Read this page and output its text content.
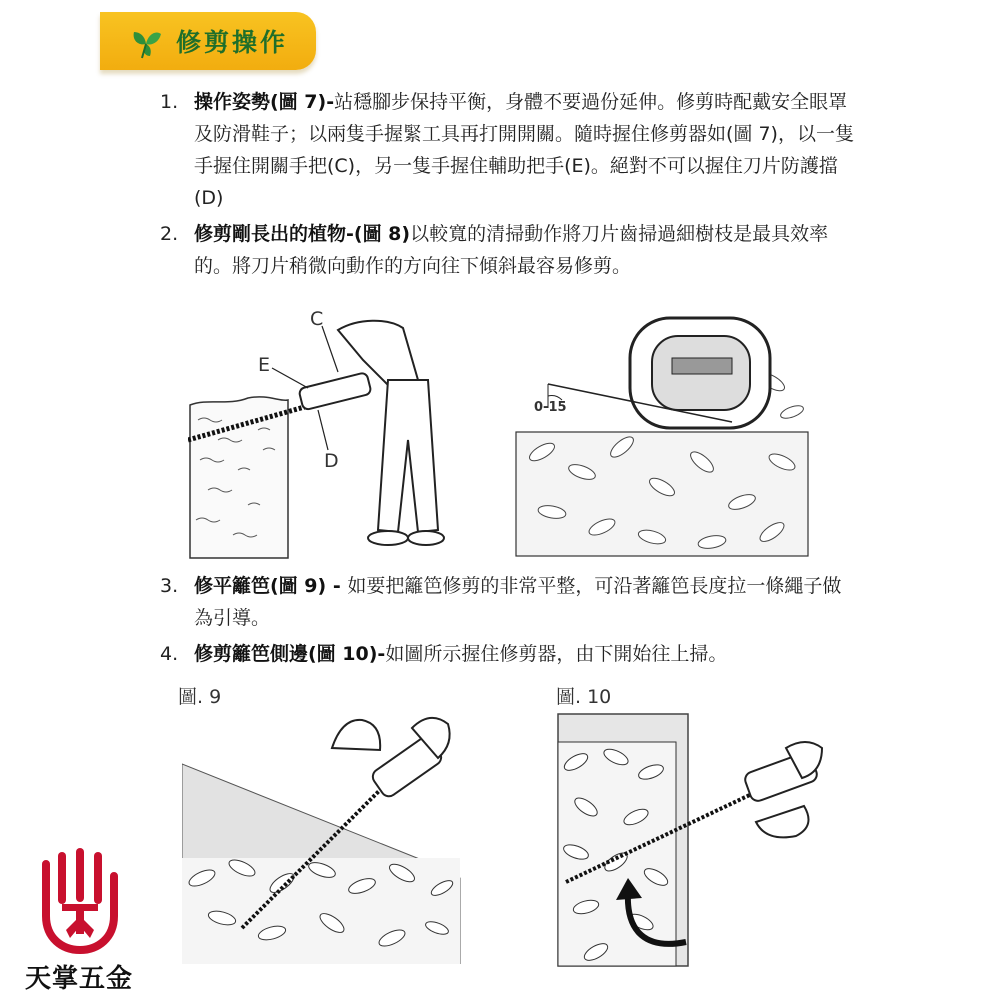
修剪操作
1. 操作姿勢(圖 7)-站穩腳步保持平衡，身體不要過份延伸。修剪時配戴安全眼罩及防滑鞋子；以兩隻手握緊工具再打開開關。隨時握住修剪器如(圖 7)，以一隻手握住開關手把(C)，另一隻手握住輔助把手(E)。絕對不可以握住刀片防護擋(D)
2. 修剪剛長出的植物-(圖 8)以較寬的清掃動作將刀片齒掃過細樹枝是最具效率的。將刀片稍微向動作的方向往下傾斜最容易修剪。
C
E
D
0-15
3. 修平籬笆(圖 9) - 如要把籬笆修剪的非常平整，可沿著籬笆長度拉一條繩子做為引導。
4. 修剪籬笆側邊(圖 10)-如圖所示握住修剪器，由下開始往上掃。
圖. 9	圖. 10
天掌五金
